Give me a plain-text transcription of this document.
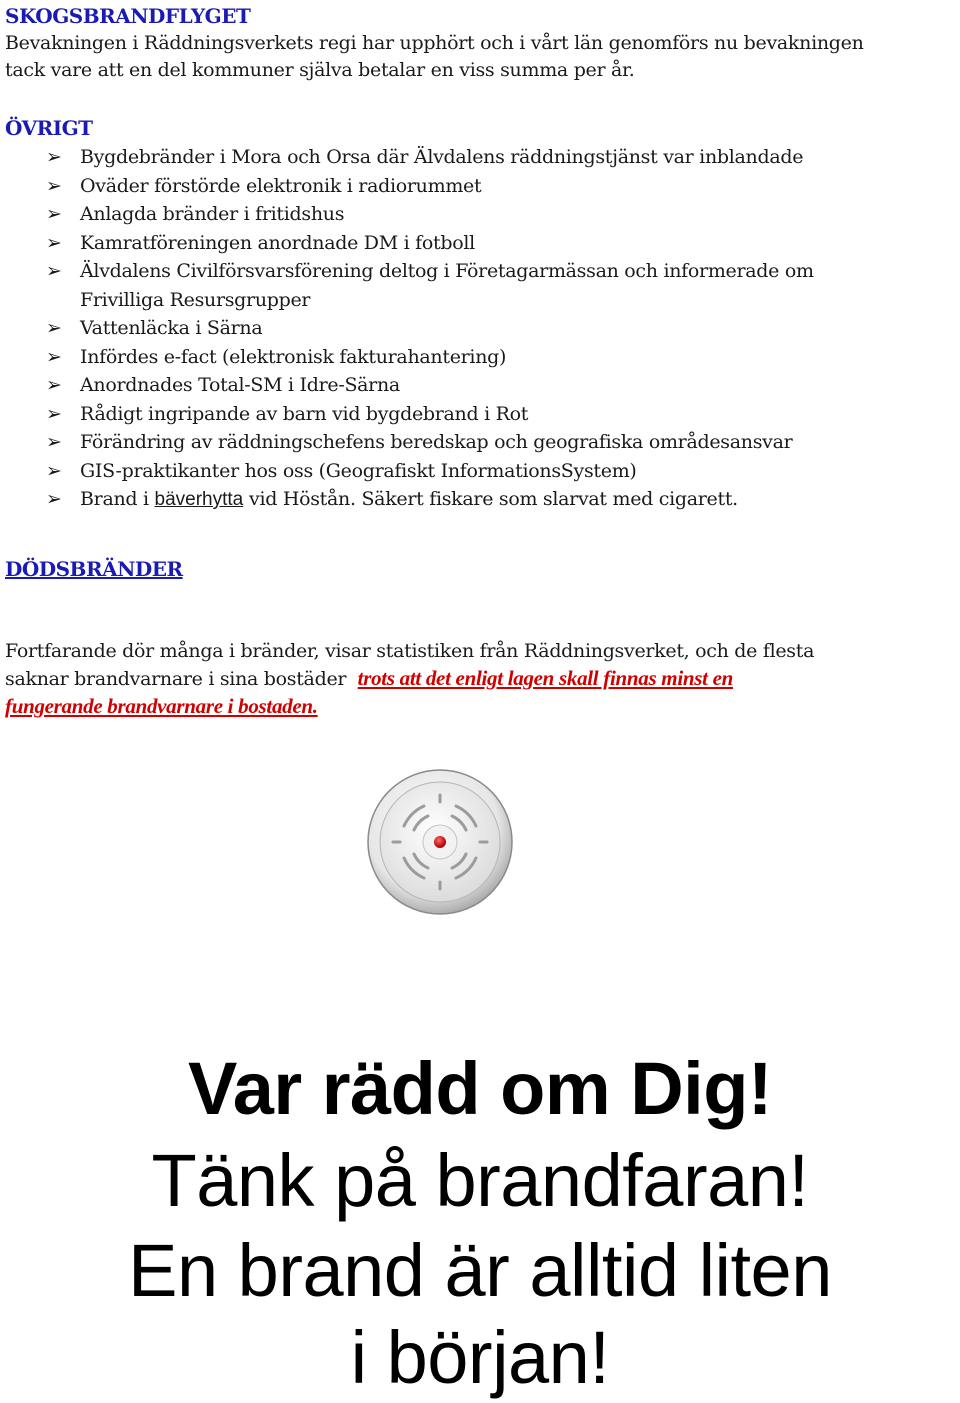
SKOGSBRANDFLYGET

Bevakningen i Räddningsverkets regi har upphört och i vårt län genomförs nu bevakningen
tack vare att en del kommuner själva betalar en viss summa per år.

ÖVRIGT
➢ Bygdebränder i Mora och Orsa där Älvdalens räddningstjänst var inblandade
➢ Oväder förstörde elektronik i radiorummet
➢ Anlagda bränder i fritidshus
➢ Kamratföreningen anordnade DM i fotboll
➢ Älvdalens Civilförsvarsförening deltog i Företagarmässan och informerade om
Frivilliga Resursgrupper
➢ Vattenläcka i Särna
➢ Infördes e-fact (elektronisk fakturahantering)
➢ Anordnades Total-SM i Idre-Särna
➢ Rådigt ingripande av barn vid bygdebrand i Rot
➢ Förändring av räddningschefens beredskap och geografiska områdesansvar
➢ GIS-praktikanter hos oss (Geografiskt InformationsSystem)
➢ Brand i bäverhytta vid Höstån. Säkert fiskare som slarvat med cigarett.
DÖDSBRÄNDER

Fortfarande dör många i bränder, visar statistiken från Räddningsverket, och de flesta
saknar brandvarnare i sina bostäder trots att det enligt lagen skall finnas minst en
fungerande brandvarnare i bostaden.

Var rädd om Dig!

Tänk på brandfaran!

En brand är alltid liten

i början!
